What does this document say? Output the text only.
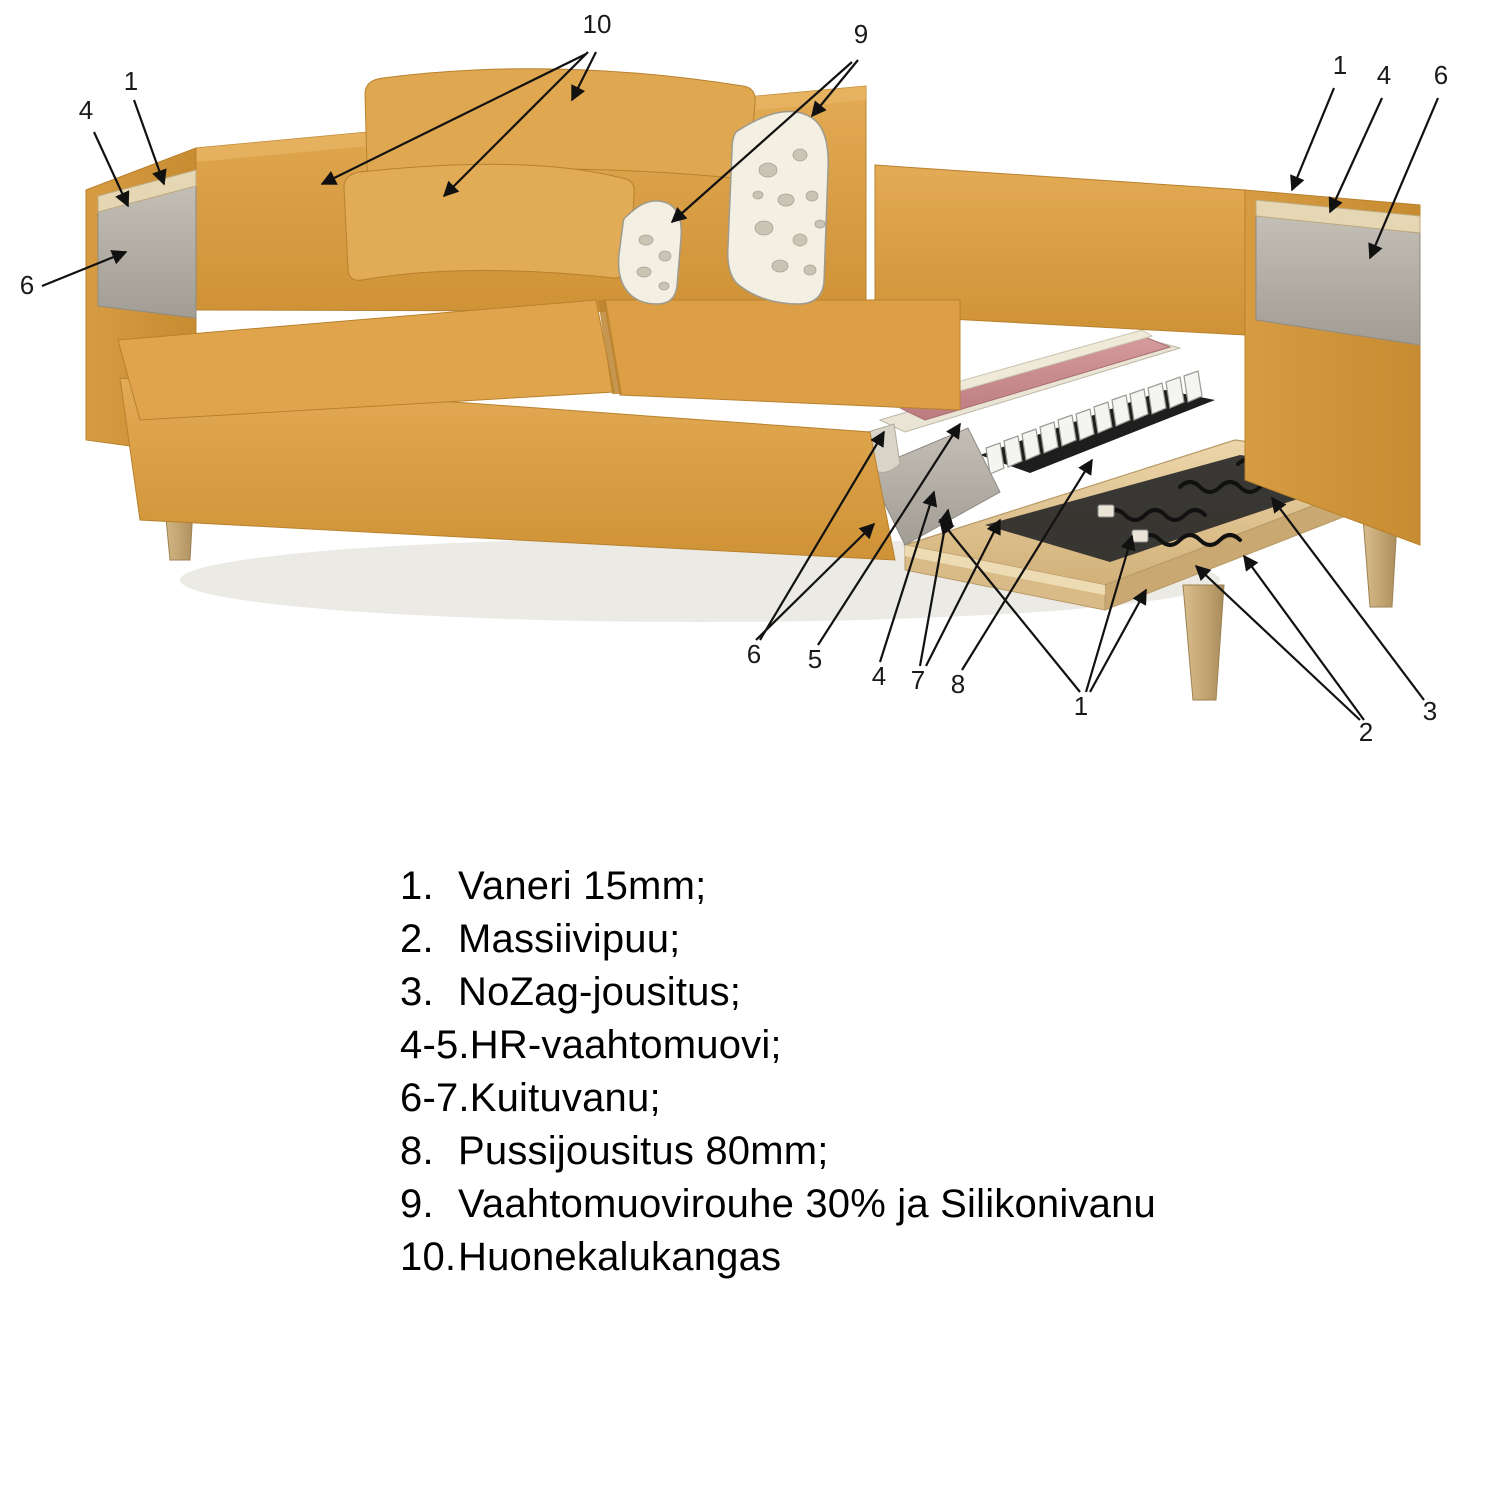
10	9
1
4
6
1 4 6
6 5
4 7 8
1
2
3
1. Vaneri 15mm;
2. Massiivipuu;
3. NoZag-jousitus;
4-5.HR-vaahtomuovi;
6-7.Kuituvanu;
8. Pussijousitus 80mm;
9. Vaahtomuovirouhe 30% ja Silikonivanu
10.Huonekalukangas
